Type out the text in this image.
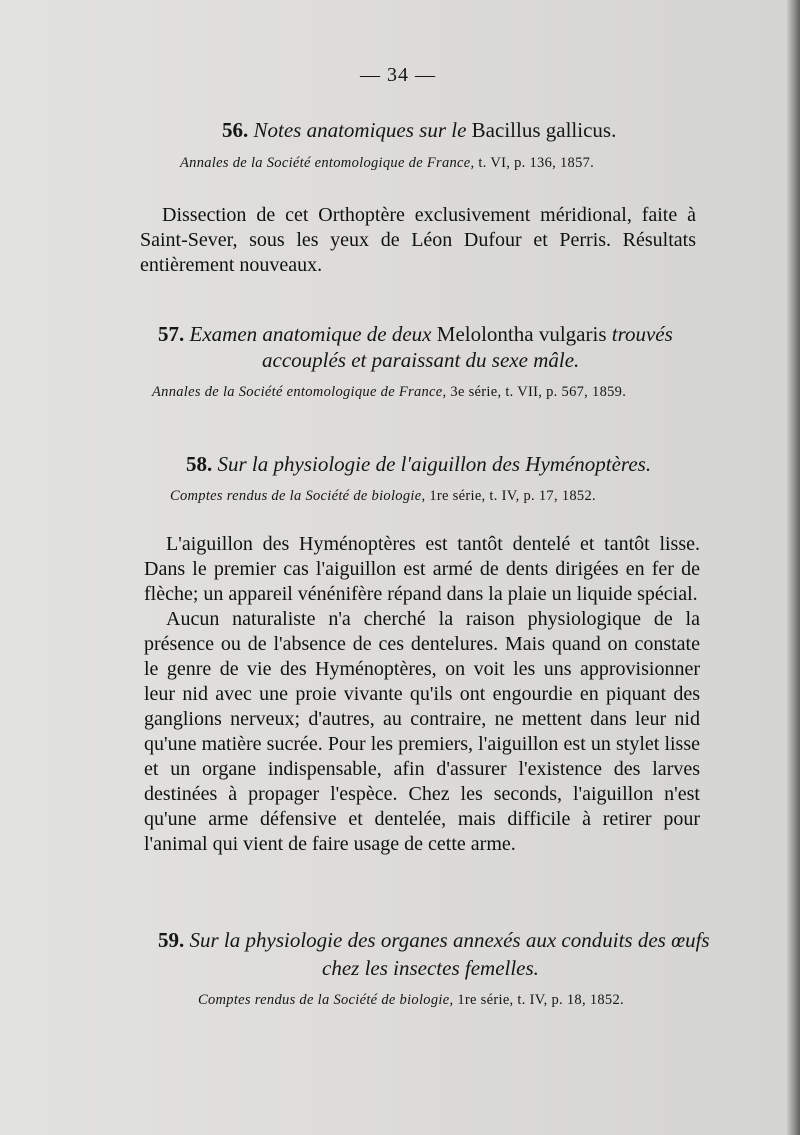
— 34 —
56. Notes anatomiques sur le Bacillus gallicus.
Annales de la Société entomologique de France, t. VI, p. 136, 1857.

Dissection de cet Orthoptère exclusivement méridional, faite à Saint-Sever, sous les yeux de Léon Dufour et Perris. Résultats entièrement nouveaux.

57. Examen anatomique de deux Melolontha vulgaris trouvés
accouplés et paraissant du sexe mâle.
Annales de la Société entomologique de France, 3e série, t. VII, p. 567, 1859.
58. Sur la physiologie de l'aiguillon des Hyménoptères.
Comptes rendus de la Société de biologie, 1re série, t. IV, p. 17, 1852.

L'aiguillon des Hyménoptères est tantôt dentelé et tantôt lisse. Dans le premier cas l'aiguillon est armé de dents dirigées en fer de flèche; un appareil vénénifère répand dans la plaie un liquide spécial.

Aucun naturaliste n'a cherché la raison physiologique de la présence ou de l'absence de ces dentelures. Mais quand on constate le genre de vie des Hyménoptères, on voit les uns approvisionner leur nid avec une proie vivante qu'ils ont engourdie en piquant des ganglions nerveux; d'autres, au contraire, ne mettent dans leur nid qu'une matière sucrée. Pour les premiers, l'aiguillon est un stylet lisse et un organe indispensable, afin d'assurer l'existence des larves destinées à propager l'espèce. Chez les seconds, l'aiguillon n'est qu'une arme défensive et dentelée, mais difficile à retirer pour l'animal qui vient de faire usage de cette arme.

59. Sur la physiologie des organes annexés aux conduits des œufs
chez les insectes femelles.
Comptes rendus de la Société de biologie, 1re série, t. IV, p. 18, 1852.
